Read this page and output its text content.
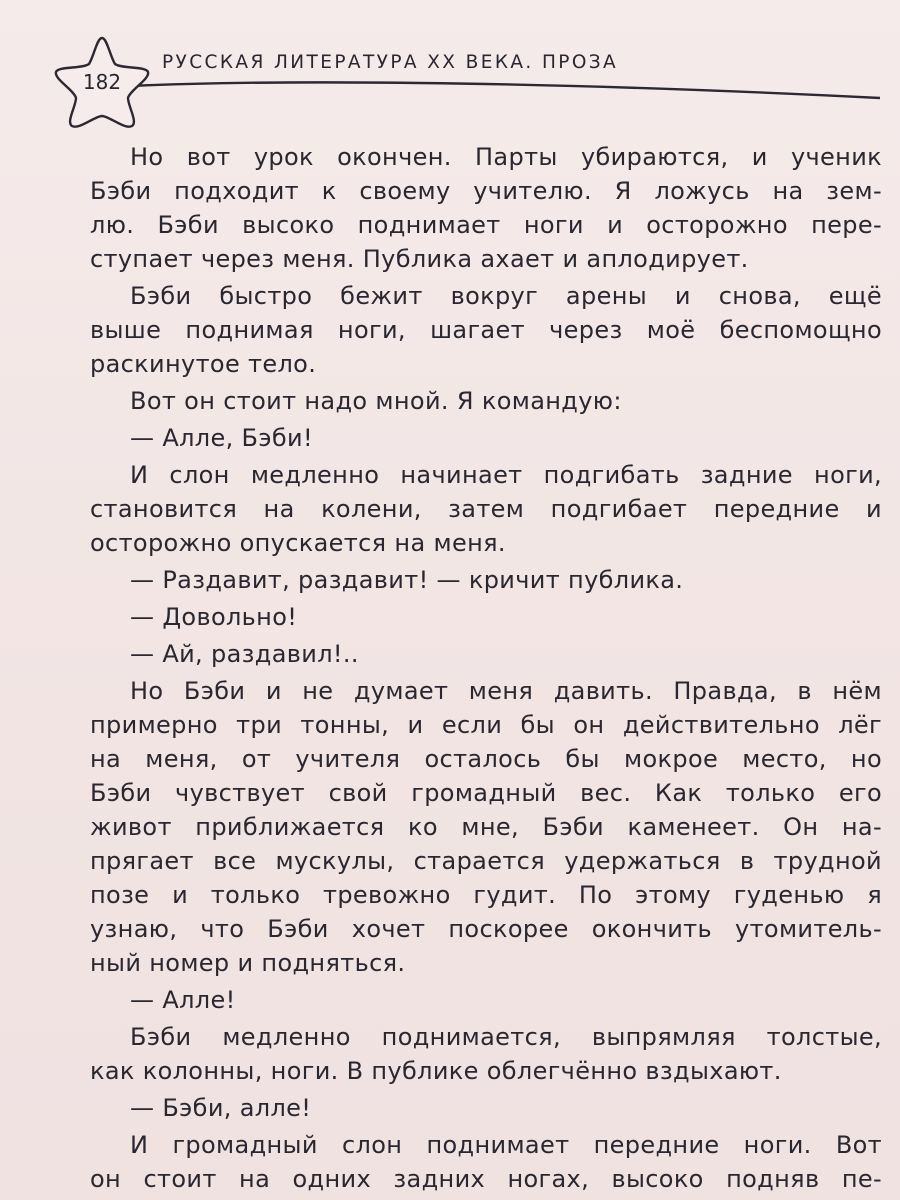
182
РУССКАЯ ЛИТЕРАТУРА XX ВЕКА. ПРОЗА
Но вот урок окончен. Парты убираются, и ученик
Бэби подходит к своему учителю. Я ложусь на зем-
лю. Бэби высоко поднимает ноги и осторожно пере-
ступает через меня. Публика ахает и аплодирует.
Бэби быстро бежит вокруг арены и снова, ещё
выше поднимая ноги, шагает через моё беспомощно
раскинутое тело.
Вот он стоит надо мной. Я командую:
— Алле, Бэби!
И слон медленно начинает подгибать задние ноги,
становится на колени, затем подгибает передние и
осторожно опускается на меня.
— Раздавит, раздавит! — кричит публика.
— Довольно!
— Ай, раздавил!..
Но Бэби и не думает меня давить. Правда, в нём
примерно три тонны, и если бы он действительно лёг
на меня, от учителя осталось бы мокрое место, но
Бэби чувствует свой громадный вес. Как только его
живот приближается ко мне, Бэби каменеет. Он на-
прягает все мускулы, старается удержаться в трудной
позе и только тревожно гудит. По этому гуденью я
узнаю, что Бэби хочет поскорее окончить утомитель-
ный номер и подняться.
— Алле!
Бэби медленно поднимается, выпрямляя толстые,
как колонны, ноги. В публике облегчённо вздыхают.
— Бэби, алле!
И громадный слон поднимает передние ноги. Вот
он стоит на одних задних ногах, высоко подняв пе-
